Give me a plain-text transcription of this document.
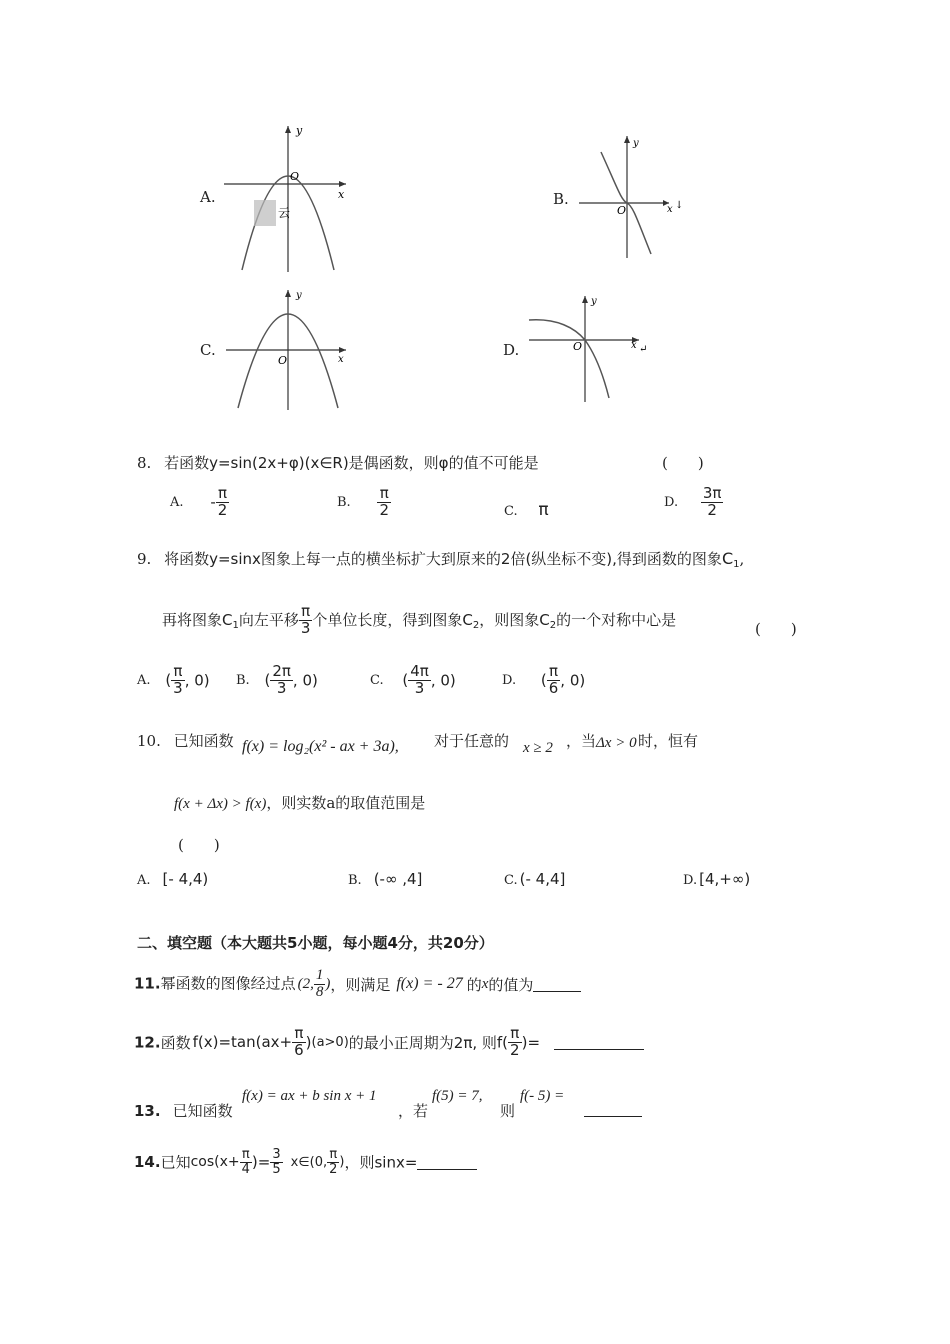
A.
y
x
O
云
B.
y
x
O	↓
C.
y
x
O
D.
y
x
O	↵
8. 若函数y=sin(2x+φ)(x∈R)是偶函数，则φ的值不可能是	(　　)
A. - $\frac{\pi}{2}$	B. $\frac{\pi}{2}$	C. π	D. $\frac{3\pi}{2}$
9. 将函数y=sinx图象上每一点的横坐标扩大到原来的2倍(纵坐标不变),得到函数的图象$C_1$,
再将图象$C_1$向左平移 $\frac{\pi}{3}$ 个单位长度，得到图象$C_2$，则图象$C_2$的一个对称中心是
(　　)
A. ( $\frac{\pi}{3}$ , 0) B. ( $\frac{2\pi}{3}$ , 0)	C. ( $\frac{4\pi}{3}$ , 0)	D. ( $\frac{\pi}{6}$ , 0)
10. 已知函数 f(x) = log₂(x² - ax + 3a), 对于任意的 x ≥ 2 ，当 Δx > 0 时，恒有
f(x + Δx) > f(x)，则实数a的取值范围是
(　　)
A. [- 4,4)	B. (-∞ ,4]	C. (- 4,4]	D. [4,+∞)
二、填空题（本大题共5小题，每小题4分，共20分）
11.幂函数的图像经过点 (2, $\frac{1}{8}$ )，则满足 f(x) = - 27 的x的值为
12.函数 $f(x)=\tan(ax+ \frac{\pi}{6} )(a>0)$的最小正周期为2π, 则$f( \frac{\pi}{2}$ )=
13. 已知函数
f(x) = ax + b sin x + 1
，若
f(5) = 7,
则
f(- 5) =
14.已知$\cos(x+ \frac{\pi}{4}$ )= $\frac{3}{5}$ x∈(0, $\frac{\pi}{2}$ )，则sinx=
